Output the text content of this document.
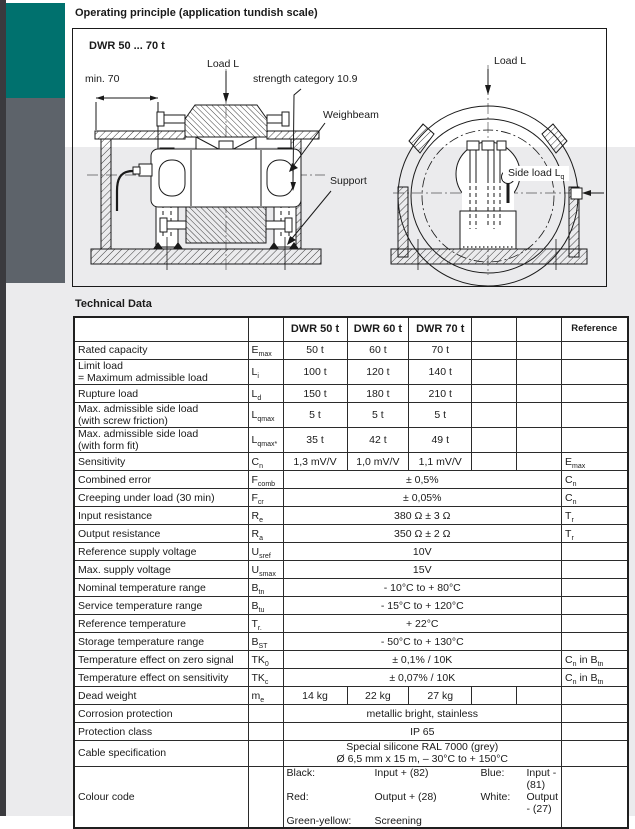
Operating principle (application tundish scale)
DWR 50 ... 70 t
Load L
min. 70	strength category 10.9
Weighbeam
Support
Load L
Side load $L_q$
Technical Data
		DWR 50 t	DWR 60 t	DWR 70 t			Reference

Rated capacity	$E_{max}$	50 t	60 t	70 t			

Limit load
= Maximum admissible load	$L_i$	100 t	120 t	140 t			

Rupture load	$L_d$	150 t	180 t	210 t			

Max. admissible side load
(with screw friction)	$L_{qmax}$	5 t	5 t	5 t			

Max. admissible side load
(with form fit)	$L_{qmax*}$	35 t	42 t	49 t			

Sensitivity	$C_n$	1,3 mV/V	1,0 mV/V	1,1 mV/V			$E_{max}$

Combined error	$F_{comb}$	± 0,5%					$C_n$

Creeping under load (30 min)	$F_{cr}$	± 0,05%					$C_n$

Input resistance	$R_e$	380 Ω ± 3 Ω					$T_r$

Output resistance	$R_a$	350 Ω ± 2 Ω					$T_r$

Reference supply voltage	$U_{sref}$	10V					

Max. supply voltage	$U_{smax}$	15V					

Nominal temperature range	$B_{tn}$	- 10°C to + 80°C					

Service temperature range	$B_{tu}$	- 15°C to + 120°C					

Reference temperature	$T_{r.}$	+ 22°C					

Storage temperature range	$B_{ST}$	- 50°C to + 130°C					

Temperature effect on zero signal	$TK_0$	± 0,1% / 10K					$C_n$ in $B_{tn}$

Temperature effect on sensitivity	$TK_c$	± 0,07% / 10K					$C_n$ in $B_{tn}$

Dead weight	$m_e$	14 kg	22 kg	27 kg			

Corrosion protection		metallic bright, stainless					

Protection class		IP 65					

Cable specification		Special silicone RAL 7000 (grey)
Ø 6,5 mm x 15 m, – 30°C to + 150°C					

Colour code

Black:	Input + (82)	Blue:	Input - (81)
Red:	Output + (28)	White:	Output - (27)
Green-yellow:	Screening
